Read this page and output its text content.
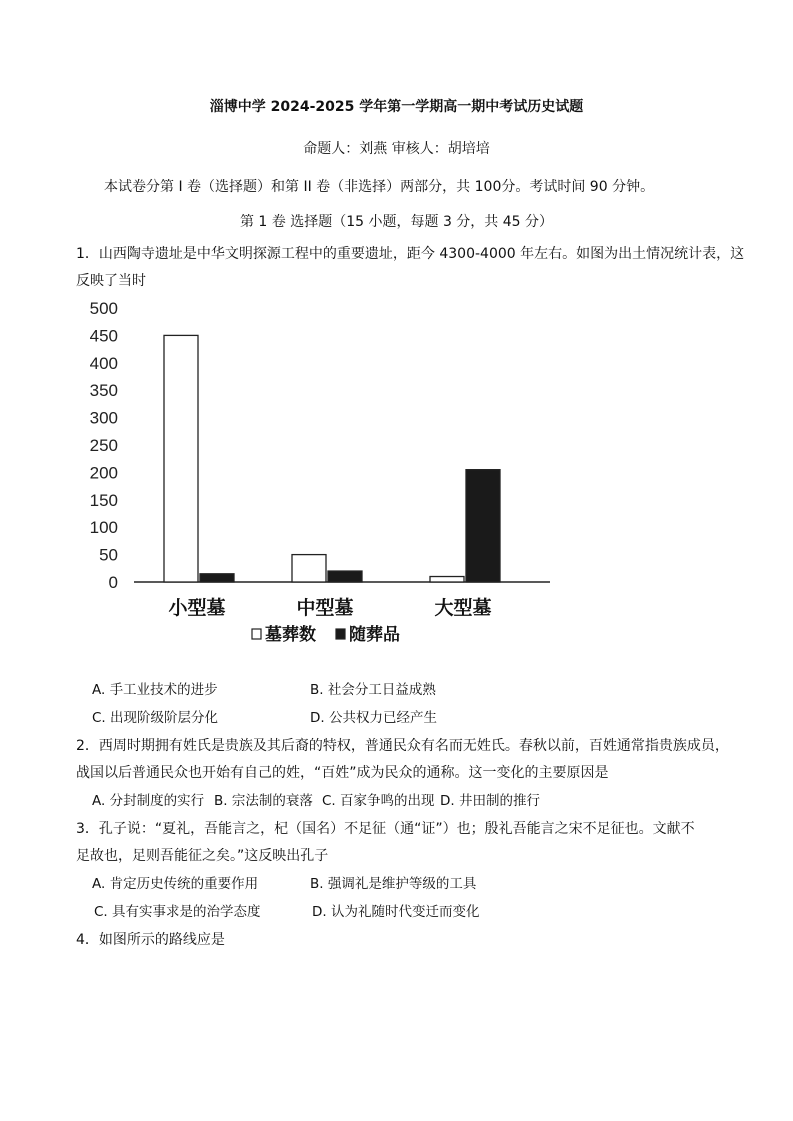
淄博中学 2024-2025 学年第一学期高一期中考试历史试题
命题人：刘燕 审核人：胡培培
本试卷分第 I 卷（选择题）和第 II 卷（非选择）两部分，共 100分。考试时间 90 分钟。
第 1 卷 选择题（15 小题，每题 3 分，共 45 分）
1．山西陶寺遗址是中华文明探源工程中的重要遗址，距今 4300-4000 年左右。如图为出土情况统计表，这
反映了当时
0
50
100
150
200
250
300
350
400
450
500
小型墓	中型墓	大型墓
墓葬数 随葬品
A. 手工业技术的进步	B. 社会分工日益成熟
C. 出现阶级阶层分化	D. 公共权力已经产生
2．西周时期拥有姓氏是贵族及其后裔的特权，普通民众有名而无姓氏。春秋以前，百姓通常指贵族成员，
战国以后普通民众也开始有自己的姓，“百姓”成为民众的通称。这一变化的主要原因是
A. 分封制度的实行 B. 宗法制的衰落 C. 百家争鸣的出现 D. 井田制的推行
3．孔子说：“夏礼，吾能言之，杞（国名）不足征（通“证”）也；殷礼吾能言之宋不足征也。文献不
足故也，足则吾能征之矣。”这反映出孔子
A. 肯定历史传统的重要作用	B. 强调礼是维护等级的工具
C. 具有实事求是的治学态度	D. 认为礼随时代变迁而变化
4．如图所示的路线应是
